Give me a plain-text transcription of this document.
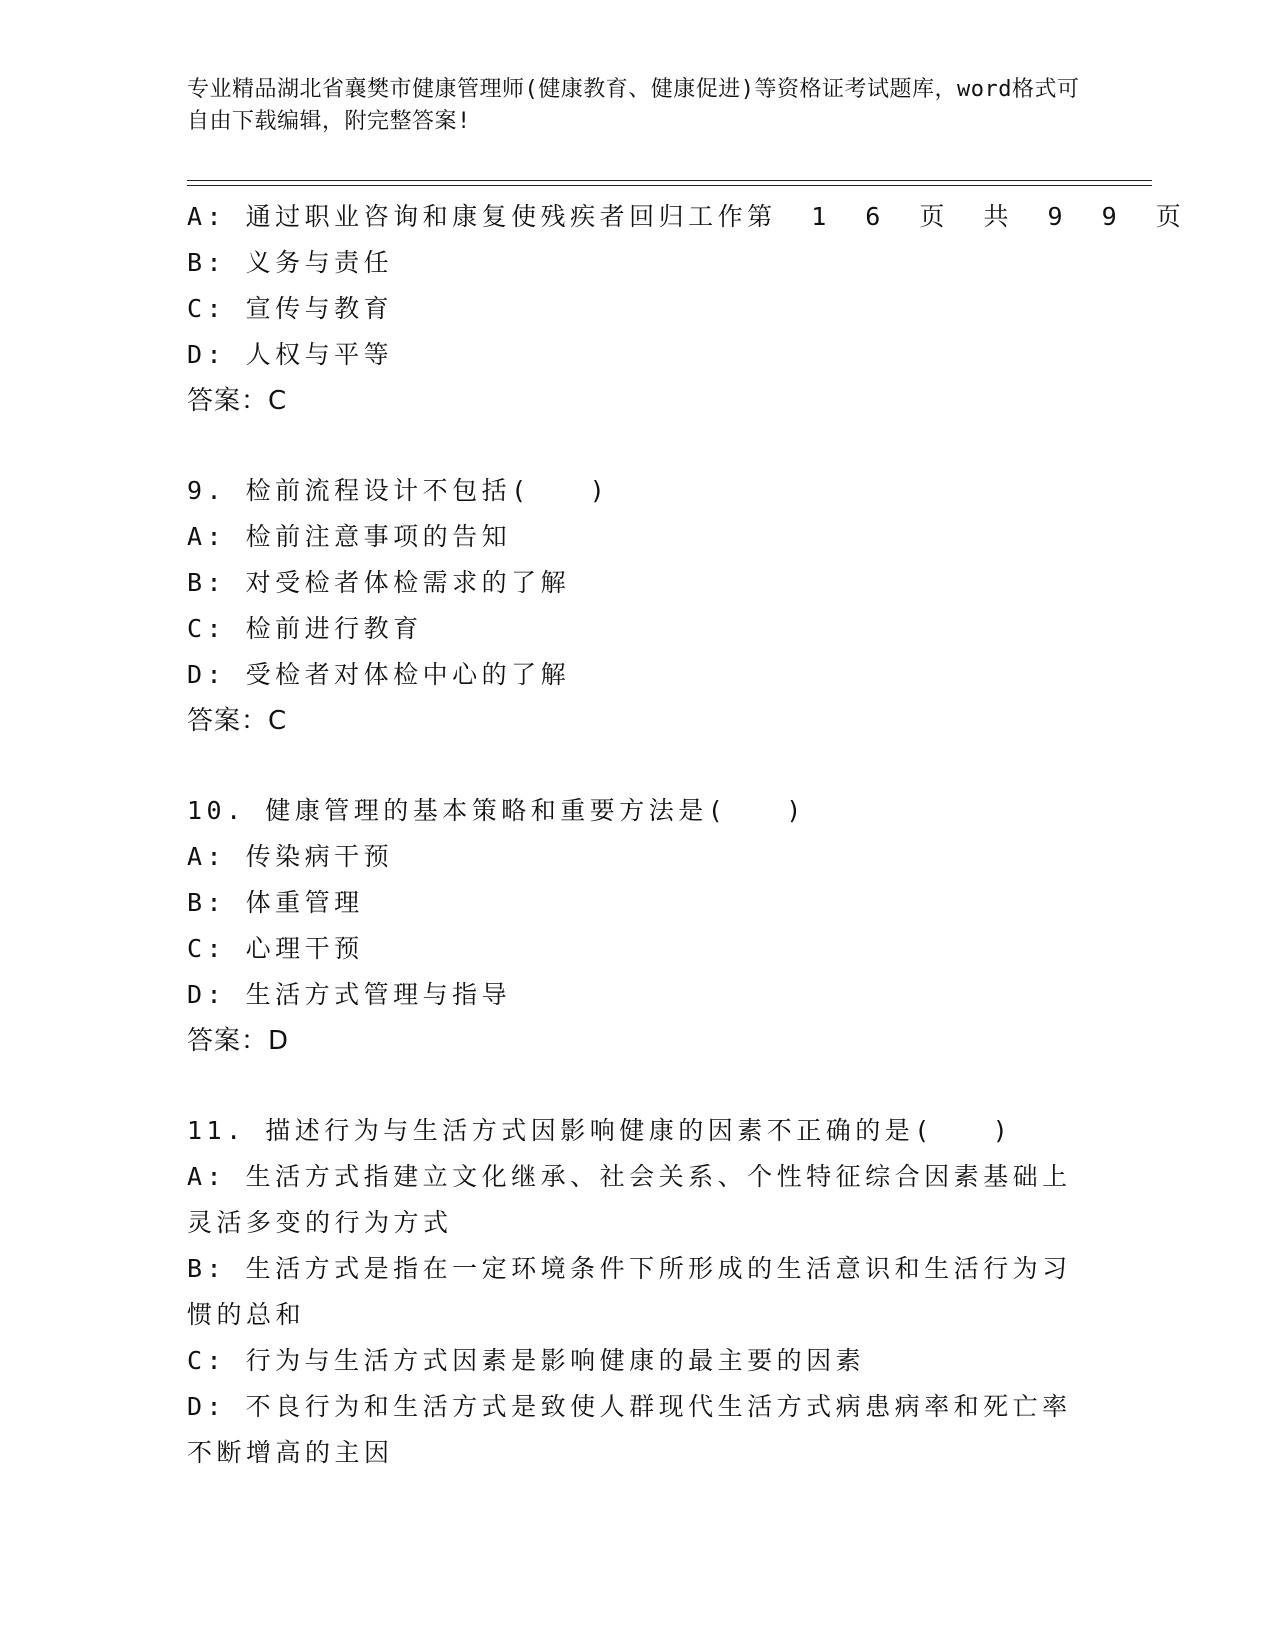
专业精品湖北省襄樊市健康管理师(健康教育、健康促进)等资格证考试题库，word格式可自由下载编辑，附完整答案!
A: 通过职业咨询和康复使残疾者回归工作第 1 6 页 共 9 9 页
B: 义务与责任
C: 宣传与教育
D: 人权与平等
答案：C
9. 检前流程设计不包括(　　)
A: 检前注意事项的告知
B: 对受检者体检需求的了解
C: 检前进行教育
D: 受检者对体检中心的了解
答案：C
10. 健康管理的基本策略和重要方法是(　　)
A: 传染病干预
B: 体重管理
C: 心理干预
D: 生活方式管理与指导
答案：D
11. 描述行为与生活方式因影响健康的因素不正确的是(　　)
A: 生活方式指建立文化继承、社会关系、个性特征综合因素基础上灵活多变的行为方式
B: 生活方式是指在一定环境条件下所形成的生活意识和生活行为习惯的总和
C: 行为与生活方式因素是影响健康的最主要的因素
D: 不良行为和生活方式是致使人群现代生活方式病患病率和死亡率不断增高的主因
